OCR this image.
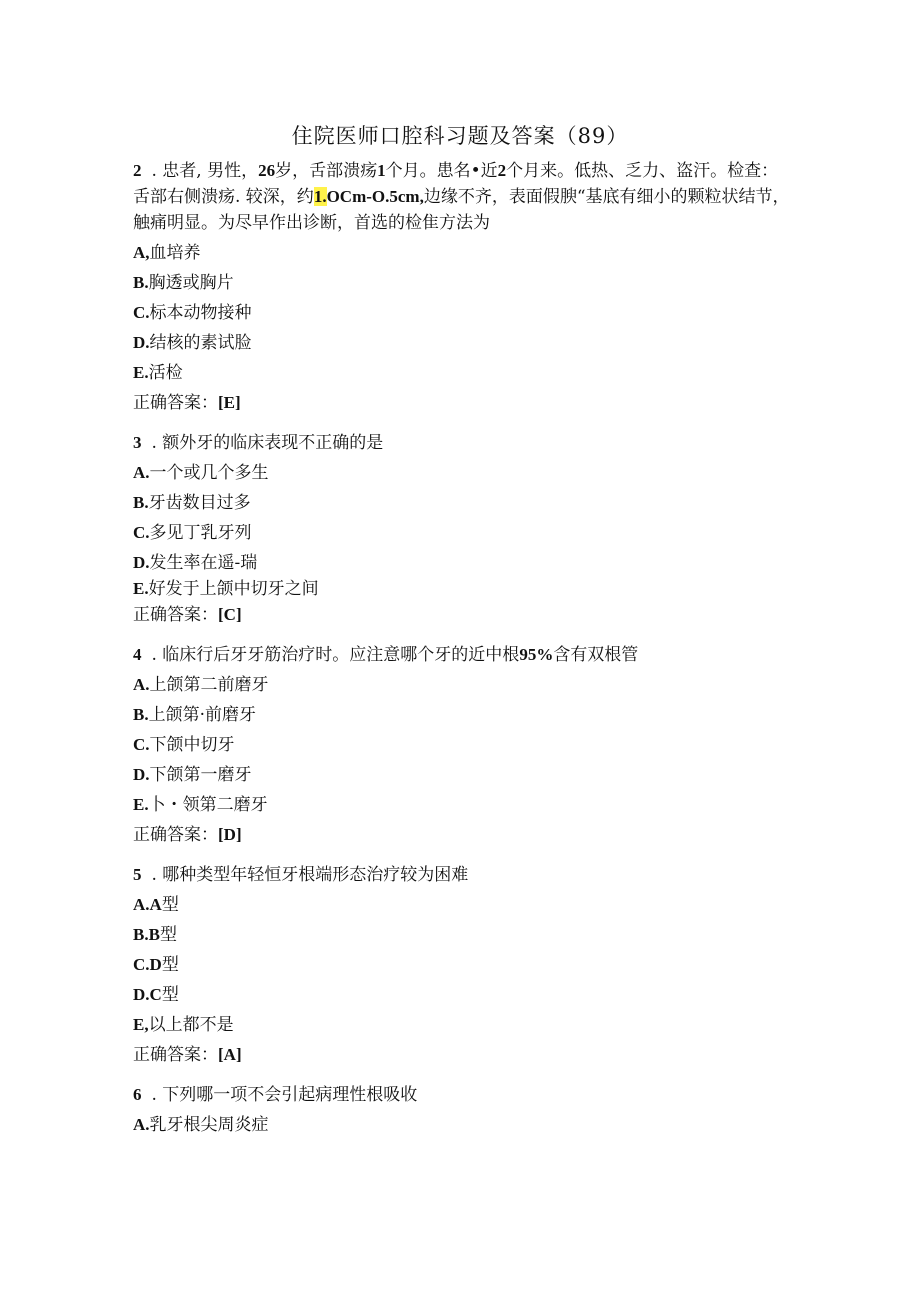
住院医师口腔科习题及答案（89）

2 . 忠者, 男性，26岁，舌部溃疡1个月。患名•近2个月来。低热、乏力、盗汗。检查：舌部右侧溃疡. 较深，约1.OCm-O.5cm,边缘不齐，表面假腴“基底有细小的颗粒状结节，触痛明显。为尽早作出诊断，首选的检隹方法为

A,血培养

B.胸透或胸片

C.标本动物接种

D.结核的素试脸

E.活检

正确答案：[E]

3 . 额外牙的临床表现不正确的是

A.一个或几个多生

B.牙齿数目过多

C.多见丁乳牙列

D.发生率在遥-瑞

E.好发于上颌中切牙之间

正确答案：[C]

4 . 临床行后牙牙筋治疗时。应注意哪个牙的近中根95%含有双根管

A.上颌第二前磨牙

B.上颌第·前磨牙

C.下颌中切牙

D.下颌第一磨牙

E.卜・领第二磨牙

正确答案：[D]

5 . 哪种类型年轻恒牙根端形态治疗较为困难

A.A型

B.B型

C.D型

D.C型

E,以上都不是

正确答案：[A]

6 . 下列哪一项不会引起病理性根吸收

A.乳牙根尖周炎症
